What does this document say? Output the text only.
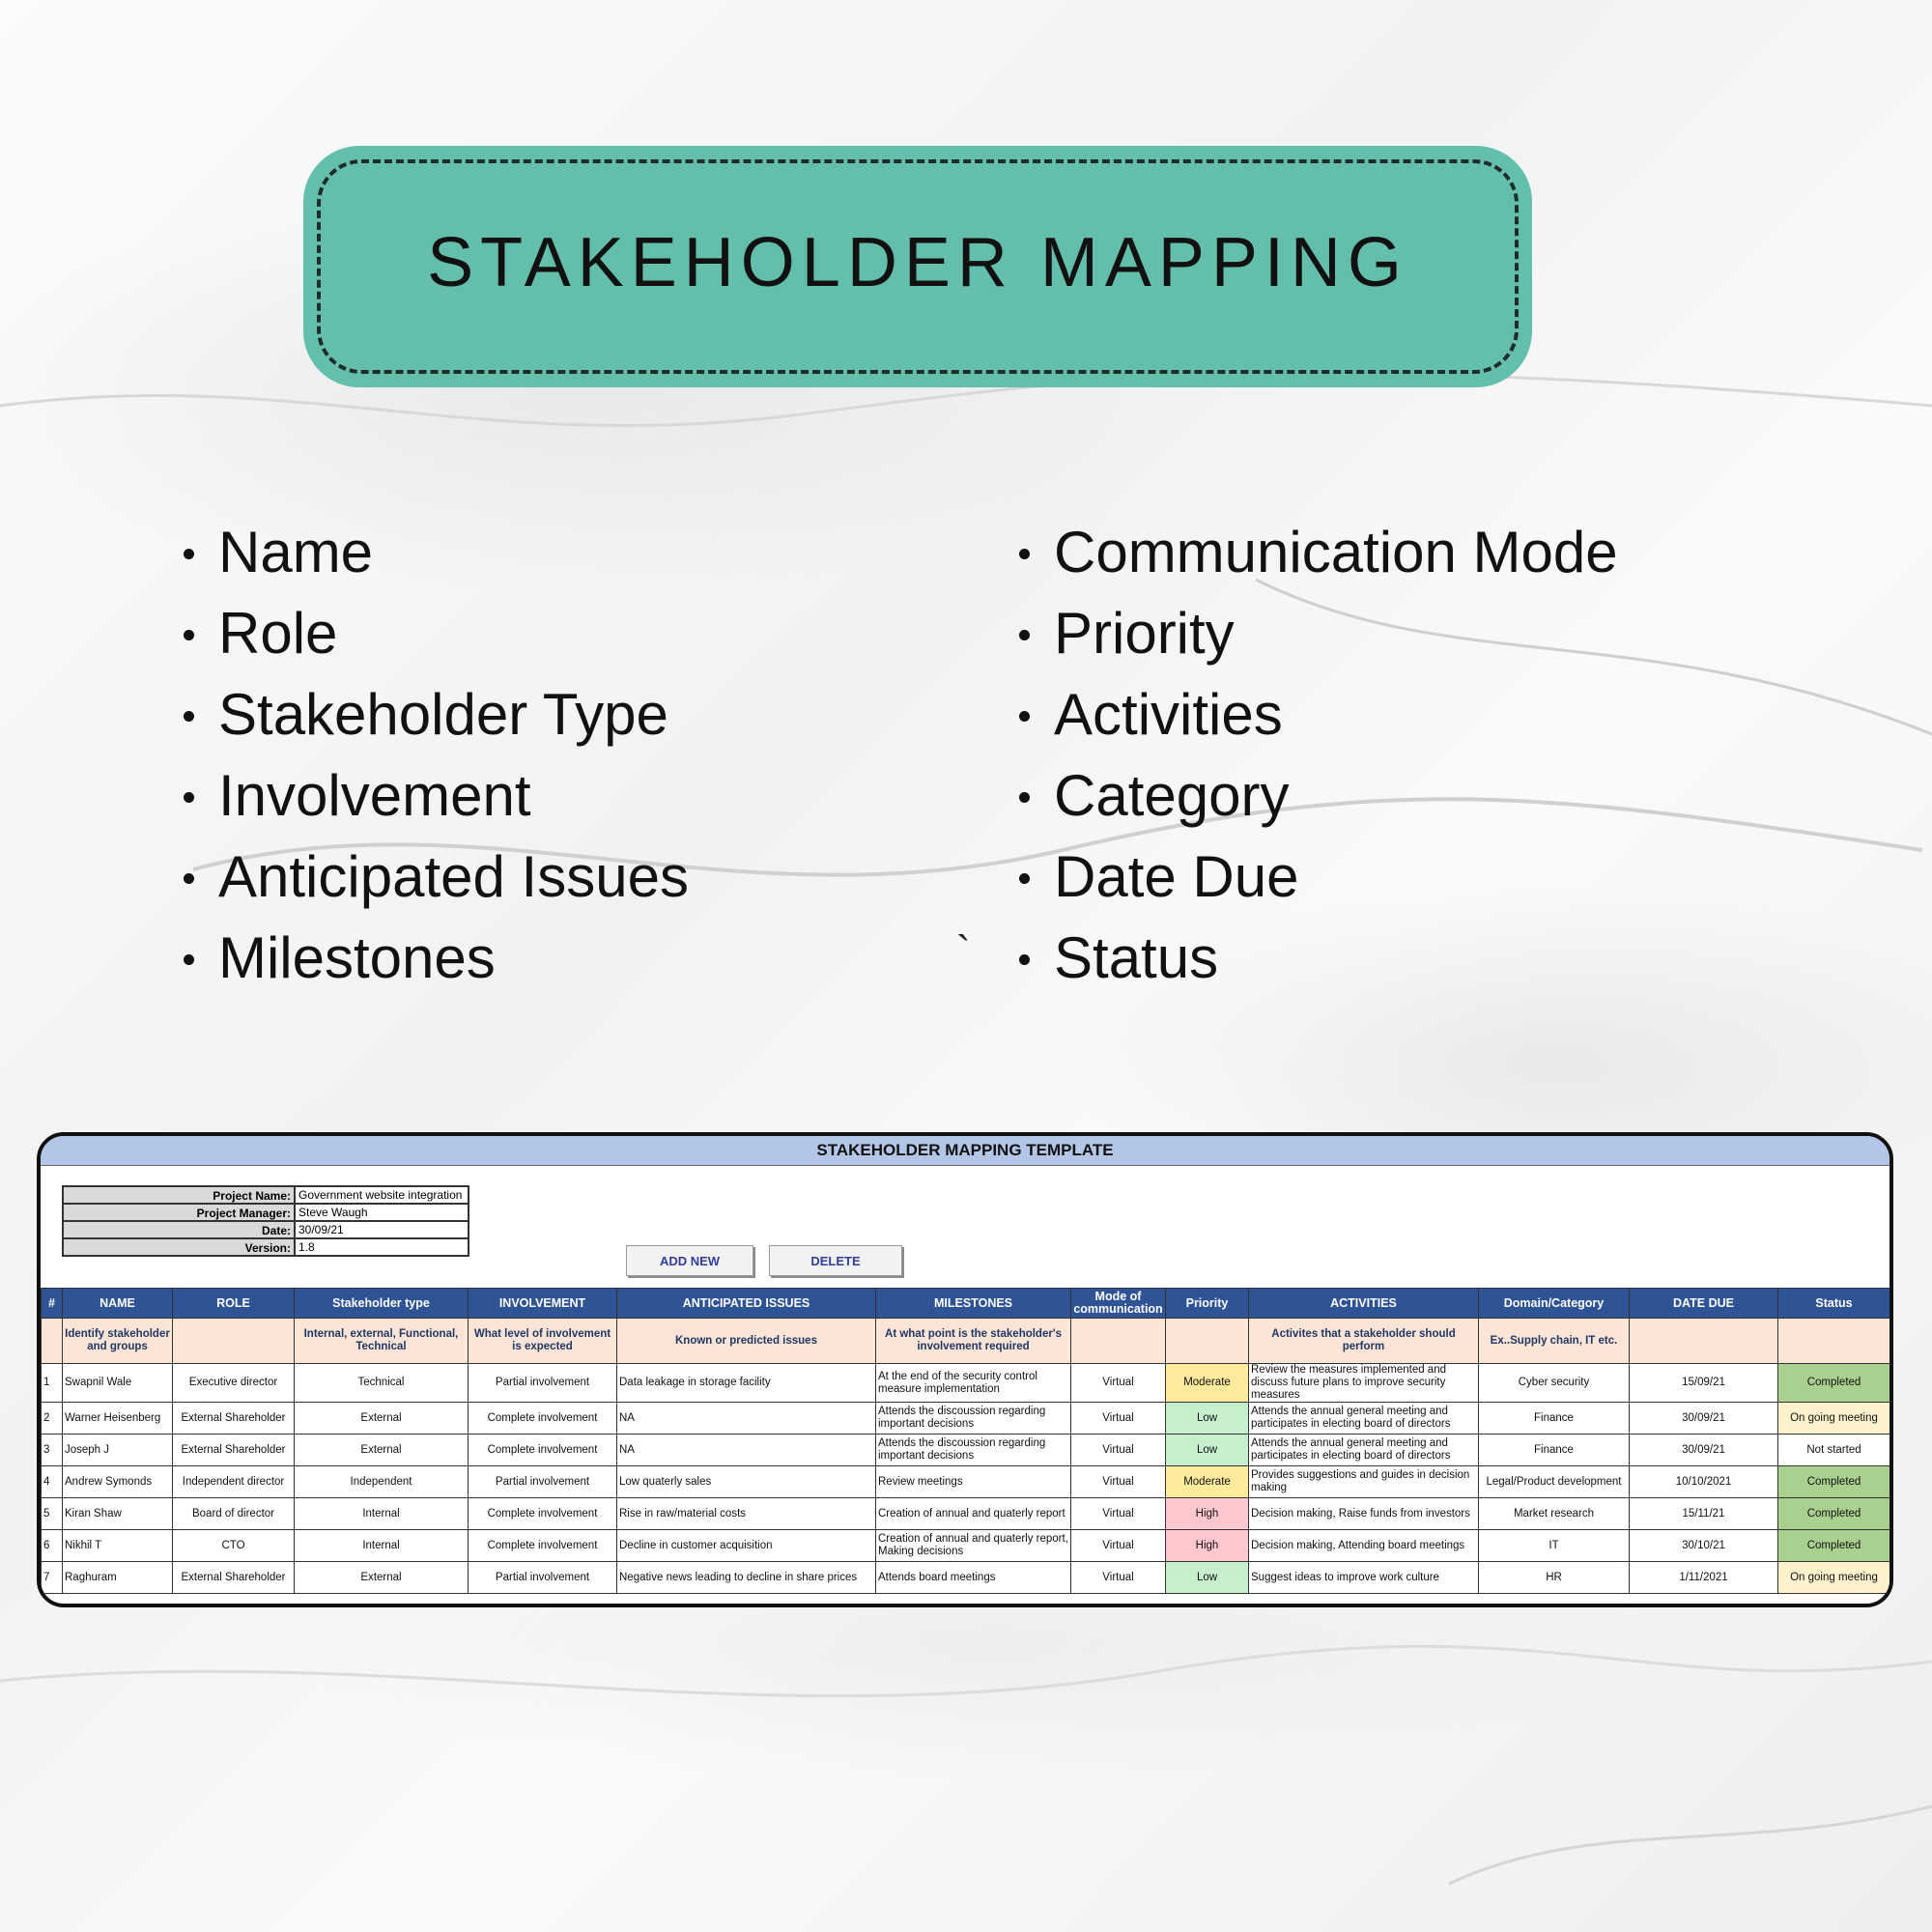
STAKEHOLDER MAPPING
Name
Role
Stakeholder Type
Involvement
Anticipated Issues
Milestones
Communication Mode
Priority
Activities
Category
Date Due
Status
`
STAKEHOLDER MAPPING TEMPLATE
Project Name: Government website integration
Project Manager: Steve Waugh
Date: 30/09/21
Version: 1.8
ADD NEW	DELETE
#	NAME	ROLE	Stakeholder type	INVOLVEMENT	ANTICIPATED ISSUES	MILESTONES	Mode of communication	Priority	ACTIVITIES	Domain/Category	DATE DUE	Status
	Identify stakeholder and groups		Internal, external, Functional, Technical	What level of involvement is expected	Known or predicted issues	At what point is the stakeholder's involvement required			Activites that a stakeholder should perform	Ex..Supply chain, IT etc.		
1	Swapnil Wale	Executive director	Technical	Partial involvement	Data leakage in storage facility	At the end of the security control measure implementation	Virtual	Moderate	Review the measures implemented and discuss future plans to improve security measures	Cyber security	15/09/21	Completed
2	Warner Heisenberg	External Shareholder	External	Complete involvement	NA	Attends the discoussion regarding important decisions	Virtual	Low	Attends the annual general meeting and participates in electing board of directors	Finance	30/09/21	On going meeting
3	Joseph J	External Shareholder	External	Complete involvement	NA	Attends the discoussion regarding important decisions	Virtual	Low	Attends the annual general meeting and participates in electing board of directors	Finance	30/09/21	Not started
4	Andrew Symonds	Independent director	Independent	Partial involvement	Low quaterly sales	Review meetings	Virtual	Moderate	Provides suggestions and guides in decision making	Legal/Product development	10/10/2021	Completed
5	Kiran Shaw	Board of director	Internal	Complete involvement	Rise in raw/material costs	Creation of annual and quaterly report	Virtual	High	Decision making, Raise funds from investors	Market research	15/11/21	Completed
6	Nikhil T	CTO	Internal	Complete involvement	Decline in customer acquisition	Creation of annual and quaterly report, Making decisions	Virtual	High	Decision making, Attending board meetings	IT	30/10/21	Completed
7	Raghuram	External Shareholder	External	Partial involvement	Negative news leading to decline in share prices	Attends board meetings	Virtual	Low	Suggest ideas to improve work culture	HR	1/11/2021	On going meeting
